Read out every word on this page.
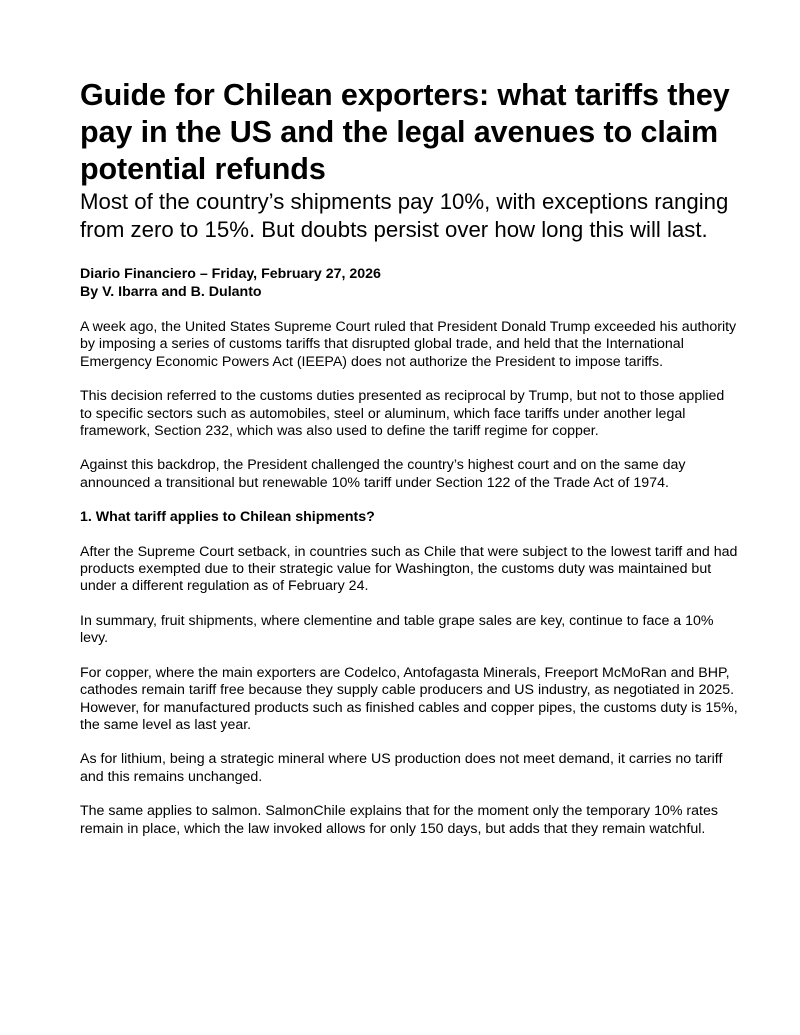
Guide for Chilean exporters: what tariffs they pay in the US and the legal avenues to claim potential refunds
Most of the country’s shipments pay 10%, with exceptions ranging from zero to 15%. But doubts persist over how long this will last.
Diario Financiero – Friday, February 27, 2026
By V. Ibarra and B. Dulanto

A week ago, the United States Supreme Court ruled that President Donald Trump exceeded his authority by imposing a series of customs tariffs that disrupted global trade, and held that the International Emergency Economic Powers Act (IEEPA) does not authorize the President to impose tariffs.

This decision referred to the customs duties presented as reciprocal by Trump, but not to those applied to specific sectors such as automobiles, steel or aluminum, which face tariffs under another legal framework, Section 232, which was also used to define the tariff regime for copper.

Against this backdrop, the President challenged the country’s highest court and on the same day announced a transitional but renewable 10% tariff under Section 122 of the Trade Act of 1974.

1. What tariff applies to Chilean shipments?

After the Supreme Court setback, in countries such as Chile that were subject to the lowest tariff and had products exempted due to their strategic value for Washington, the customs duty was maintained but under a different regulation as of February 24.

In summary, fruit shipments, where clementine and table grape sales are key, continue to face a 10% levy.

For copper, where the main exporters are Codelco, Antofagasta Minerals, Freeport McMoRan and BHP, cathodes remain tariff free because they supply cable producers and US industry, as negotiated in 2025. However, for manufactured products such as finished cables and copper pipes, the customs duty is 15%, the same level as last year.

As for lithium, being a strategic mineral where US production does not meet demand, it carries no tariff and this remains unchanged.

The same applies to salmon. SalmonChile explains that for the moment only the temporary 10% rates remain in place, which the law invoked allows for only 150 days, but adds that they remain watchful.
